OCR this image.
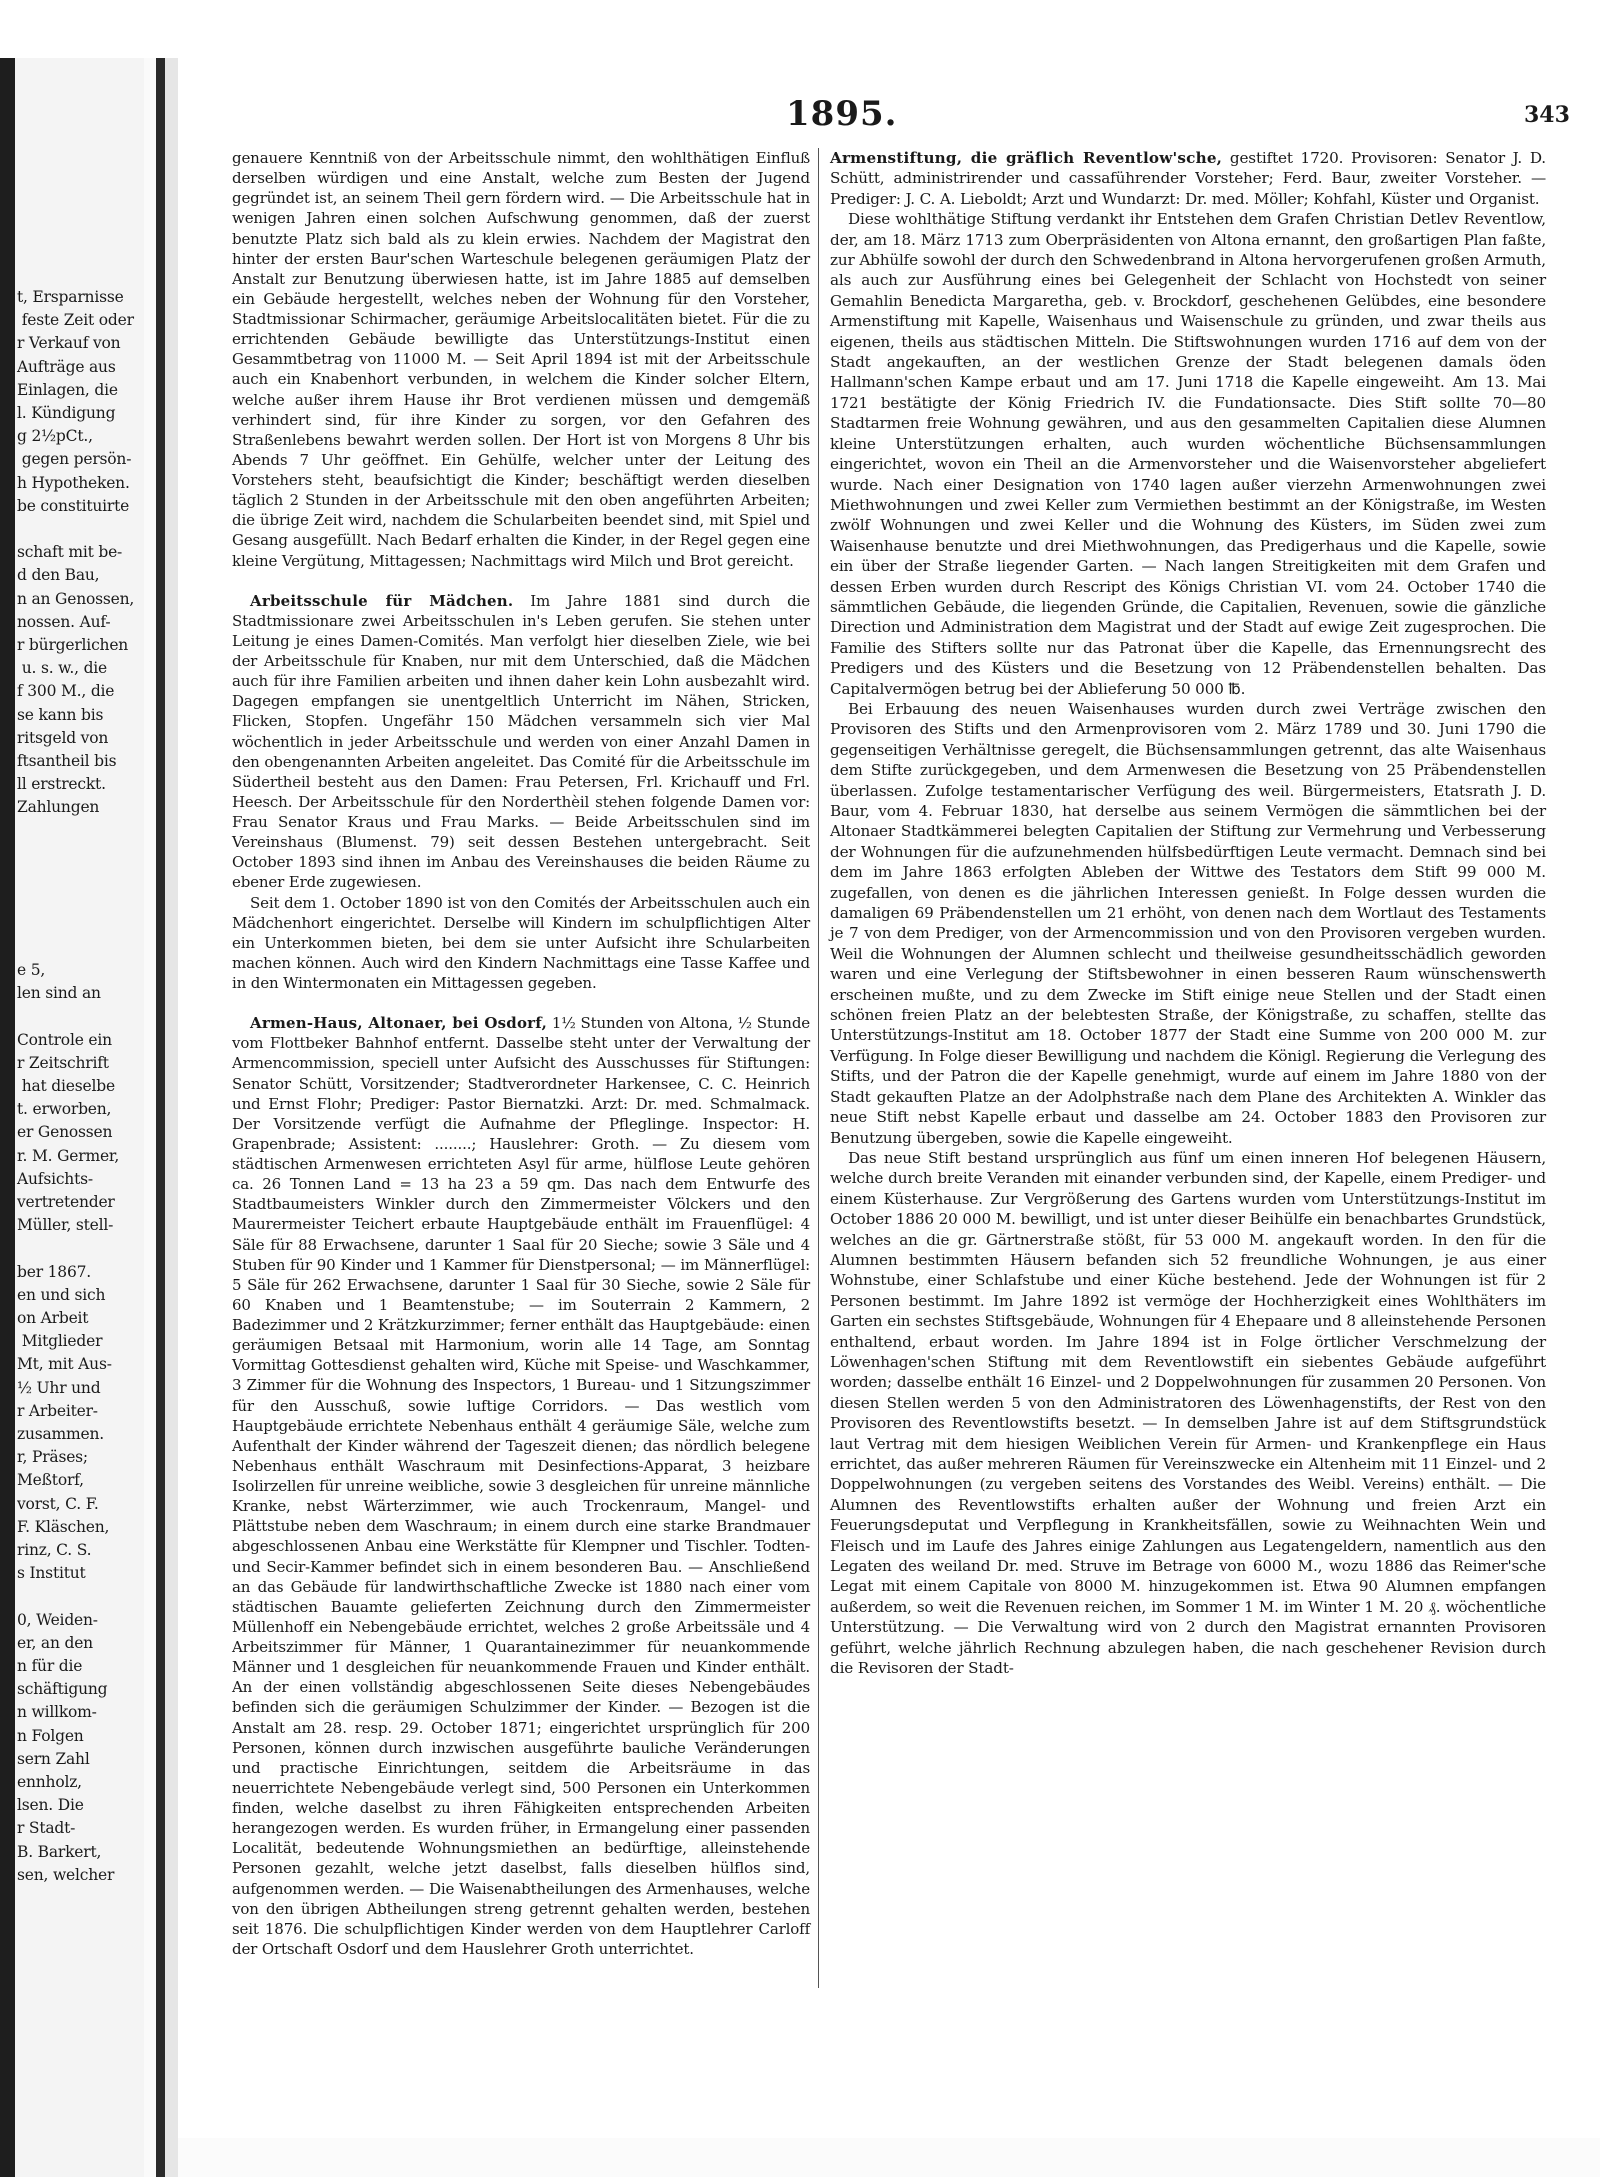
t, Ersparnisse
feste Zeit oder
r Verkauf von
Aufträge aus
Einlagen, die
l. Kündigung
g 2½pCt.,
gegen persön-
h Hypotheken.
be constituirte

schaft mit be-
d den Bau,
n an Genossen,
nossen. Auf-
r bürgerlichen
u. s. w., die
f 300 M., die
se kann bis
ritsgeld von
ftsantheil bis
ll erstreckt.
Zahlungen

e 5,
len sind an

Controle ein
r Zeitschrift
hat dieselbe
t. erworben,
er Genossen
r. M. Germer,
Aufsichts-
vertretender
Müller, stell-

ber 1867.
en und sich
on Arbeit
Mitglieder
Mt, mit Aus-
½ Uhr und
r Arbeiter-
zusammen.
r, Präses;
Meßtorf,
vorst, C. F.
F. Kläschen,
rinz, C. S.
s Institut

0, Weiden-
er, an den
n für die
schäftigung
n willkom-
n Folgen
sern Zahl
ennholz,
lsen. Die
r Stadt-
B. Barkert,
sen, welcher
1895.	343

genauere Kenntniß von der Arbeitsschule nimmt, den wohlthätigen Einfluß derselben würdigen und eine Anstalt, welche zum Besten der Jugend gegründet ist, an seinem Theil gern fördern wird. — Die Arbeitsschule hat in wenigen Jahren einen solchen Aufschwung genommen, daß der zuerst benutzte Platz sich bald als zu klein erwies. Nachdem der Magistrat den hinter der ersten Baur'schen Warteschule belegenen geräumigen Platz der Anstalt zur Benutzung überwiesen hatte, ist im Jahre 1885 auf demselben ein Gebäude hergestellt, welches neben der Wohnung für den Vorsteher, Stadtmissionar Schirmacher, geräumige Arbeitslocalitäten bietet. Für die zu errichtenden Gebäude bewilligte das Unterstützungs-Institut einen Gesammtbetrag von 11000 M. — Seit April 1894 ist mit der Arbeitsschule auch ein Knabenhort verbunden, in welchem die Kinder solcher Eltern, welche außer ihrem Hause ihr Brot verdienen müssen und demgemäß verhindert sind, für ihre Kinder zu sorgen, vor den Gefahren des Straßenlebens bewahrt werden sollen. Der Hort ist von Morgens 8 Uhr bis Abends 7 Uhr geöffnet. Ein Gehülfe, welcher unter der Leitung des Vorstehers steht, beaufsichtigt die Kinder; beschäftigt werden dieselben täglich 2 Stunden in der Arbeitsschule mit den oben angeführten Arbeiten; die übrige Zeit wird, nachdem die Schularbeiten beendet sind, mit Spiel und Gesang ausgefüllt. Nach Bedarf erhalten die Kinder, in der Regel gegen eine kleine Vergütung, Mittagessen; Nachmittags wird Milch und Brot gereicht.

Arbeitsschule für Mädchen. Im Jahre 1881 sind durch die Stadtmissionare zwei Arbeitsschulen in's Leben gerufen. Sie stehen unter Leitung je eines Damen-Comités. Man verfolgt hier dieselben Ziele, wie bei der Arbeitsschule für Knaben, nur mit dem Unterschied, daß die Mädchen auch für ihre Familien arbeiten und ihnen daher kein Lohn ausbezahlt wird. Dagegen empfangen sie unentgeltlich Unterricht im Nähen, Stricken, Flicken, Stopfen. Ungefähr 150 Mädchen versammeln sich vier Mal wöchentlich in jeder Arbeitsschule und werden von einer Anzahl Damen in den obengenannten Arbeiten angeleitet. Das Comité für die Arbeitsschule im Südertheil besteht aus den Damen: Frau Petersen, Frl. Krichauff und Frl. Heesch. Der Arbeitsschule für den Norderthèil stehen folgende Damen vor: Frau Senator Kraus und Frau Marks. — Beide Arbeitsschulen sind im Vereinshaus (Blumenst. 79) seit dessen Bestehen untergebracht. Seit October 1893 sind ihnen im Anbau des Vereinshauses die beiden Räume zu ebener Erde zugewiesen.

Seit dem 1. October 1890 ist von den Comités der Arbeitsschulen auch ein Mädchenhort eingerichtet. Derselbe will Kindern im schulpflichtigen Alter ein Unterkommen bieten, bei dem sie unter Aufsicht ihre Schularbeiten machen können. Auch wird den Kindern Nachmittags eine Tasse Kaffee und in den Wintermonaten ein Mittagessen gegeben.

Armen-Haus, Altonaer, bei Osdorf, 1½ Stunden von Altona, ½ Stunde vom Flottbeker Bahnhof entfernt. Dasselbe steht unter der Verwaltung der Armencommission, speciell unter Aufsicht des Ausschusses für Stiftungen: Senator Schütt, Vorsitzender; Stadtverordneter Harkensee, C. C. Heinrich und Ernst Flohr; Prediger: Pastor Biernatzki. Arzt: Dr. med. Schmalmack. Der Vorsitzende verfügt die Aufnahme der Pfleglinge. Inspector: H. Grapenbrade; Assistent: ........; Hauslehrer: Groth. — Zu diesem vom städtischen Armenwesen errichteten Asyl für arme, hülflose Leute gehören ca. 26 Tonnen Land = 13 ha 23 a 59 qm. Das nach dem Entwurfe des Stadtbaumeisters Winkler durch den Zimmermeister Völckers und den Maurermeister Teichert erbaute Hauptgebäude enthält im Frauenflügel: 4 Säle für 88 Erwachsene, darunter 1 Saal für 20 Sieche; sowie 3 Säle und 4 Stuben für 90 Kinder und 1 Kammer für Dienstpersonal; — im Männerflügel: 5 Säle für 262 Erwachsene, darunter 1 Saal für 30 Sieche, sowie 2 Säle für 60 Knaben und 1 Beamtenstube; — im Souterrain 2 Kammern, 2 Badezimmer und 2 Krätzkurzimmer; ferner enthält das Hauptgebäude: einen geräumigen Betsaal mit Harmonium, worin alle 14 Tage, am Sonntag Vormittag Gottesdienst gehalten wird, Küche mit Speise- und Waschkammer, 3 Zimmer für die Wohnung des Inspectors, 1 Bureau- und 1 Sitzungszimmer für den Ausschuß, sowie luftige Corridors. — Das westlich vom Hauptgebäude errichtete Nebenhaus enthält 4 geräumige Säle, welche zum Aufenthalt der Kinder während der Tageszeit dienen; das nördlich belegene Nebenhaus enthält Waschraum mit Desinfections-Apparat, 3 heizbare Isolirzellen für unreine weibliche, sowie 3 desgleichen für unreine männliche Kranke, nebst Wärterzimmer, wie auch Trockenraum, Mangel- und Plättstube neben dem Waschraum; in einem durch eine starke Brandmauer abgeschlossenen Anbau eine Werkstätte für Klempner und Tischler. Todten- und Secir-Kammer befindet sich in einem besonderen Bau. — Anschließend an das Gebäude für landwirthschaftliche Zwecke ist 1880 nach einer vom städtischen Bauamte gelieferten Zeichnung durch den Zimmermeister Müllenhoff ein Nebengebäude errichtet, welches 2 große Arbeitssäle und 4 Arbeitszimmer für Männer, 1 Quarantainezimmer für neuankommende Männer und 1 desgleichen für neuankommende Frauen und Kinder enthält. An der einen vollständig abgeschlossenen Seite dieses Nebengebäudes befinden sich die geräumigen Schulzimmer der Kinder. — Bezogen ist die Anstalt am 28. resp. 29. October 1871; eingerichtet ursprünglich für 200 Personen, können durch inzwischen ausgeführte bauliche Veränderungen und practische Einrichtungen, seitdem die Arbeitsräume in das neuerrichtete Nebengebäude verlegt sind, 500 Personen ein Unterkommen finden, welche daselbst zu ihren Fähigkeiten entsprechenden Arbeiten herangezogen werden. Es wurden früher, in Ermangelung einer passenden Localität, bedeutende Wohnungsmiethen an bedürftige, alleinstehende Personen gezahlt, welche jetzt daselbst, falls dieselben hülflos sind, aufgenommen werden. — Die Waisenabtheilungen des Armenhauses, welche von den übrigen Abtheilungen streng getrennt gehalten werden, bestehen seit 1876. Die schulpflichtigen Kinder werden von dem Hauptlehrer Carloff der Ortschaft Osdorf und dem Hauslehrer Groth unterrichtet.

Armenstiftung, die gräflich Reventlow'sche, gestiftet 1720. Provisoren: Senator J. D. Schütt, administrirender und cassaführender Vorsteher; Ferd. Baur, zweiter Vorsteher. — Prediger: J. C. A. Lieboldt; Arzt und Wundarzt: Dr. med. Möller; Kohfahl, Küster und Organist.

Diese wohlthätige Stiftung verdankt ihr Entstehen dem Grafen Christian Detlev Reventlow, der, am 18. März 1713 zum Oberpräsidenten von Altona ernannt, den großartigen Plan faßte, zur Abhülfe sowohl der durch den Schwedenbrand in Altona hervorgerufenen großen Armuth, als auch zur Ausführung eines bei Gelegenheit der Schlacht von Hochstedt von seiner Gemahlin Benedicta Margaretha, geb. v. Brockdorf, geschehenen Gelübdes, eine besondere Armenstiftung mit Kapelle, Waisenhaus und Waisenschule zu gründen, und zwar theils aus eigenen, theils aus städtischen Mitteln. Die Stiftswohnungen wurden 1716 auf dem von der Stadt angekauften, an der westlichen Grenze der Stadt belegenen damals öden Hallmann'schen Kampe erbaut und am 17. Juni 1718 die Kapelle eingeweiht. Am 13. Mai 1721 bestätigte der König Friedrich IV. die Fundationsacte. Dies Stift sollte 70—80 Stadtarmen freie Wohnung gewähren, und aus den gesammelten Capitalien diese Alumnen kleine Unterstützungen erhalten, auch wurden wöchentliche Büchsensammlungen eingerichtet, wovon ein Theil an die Armenvorsteher und die Waisenvorsteher abgeliefert wurde. Nach einer Designation von 1740 lagen außer vierzehn Armenwohnungen zwei Miethwohnungen und zwei Keller zum Vermiethen bestimmt an der Königstraße, im Westen zwölf Wohnungen und zwei Keller und die Wohnung des Küsters, im Süden zwei zum Waisenhause benutzte und drei Miethwohnungen, das Predigerhaus und die Kapelle, sowie ein über der Straße liegender Garten. — Nach langen Streitigkeiten mit dem Grafen und dessen Erben wurden durch Rescript des Königs Christian VI. vom 24. October 1740 die sämmtlichen Gebäude, die liegenden Gründe, die Capitalien, Revenuen, sowie die gänzliche Direction und Administration dem Magistrat und der Stadt auf ewige Zeit zugesprochen. Die Familie des Stifters sollte nur das Patronat über die Kapelle, das Ernennungsrecht des Predigers und des Küsters und die Besetzung von 12 Präbendenstellen behalten. Das Capitalvermögen betrug bei der Ablieferung 50 000 ℔.

Bei Erbauung des neuen Waisenhauses wurden durch zwei Verträge zwischen den Provisoren des Stifts und den Armenprovisoren vom 2. März 1789 und 30. Juni 1790 die gegenseitigen Verhältnisse geregelt, die Büchsensammlungen getrennt, das alte Waisenhaus dem Stifte zurückgegeben, und dem Armenwesen die Besetzung von 25 Präbendenstellen überlassen. Zufolge testamentarischer Verfügung des weil. Bürgermeisters, Etatsrath J. D. Baur, vom 4. Februar 1830, hat derselbe aus seinem Vermögen die sämmtlichen bei der Altonaer Stadtkämmerei belegten Capitalien der Stiftung zur Vermehrung und Verbesserung der Wohnungen für die aufzunehmenden hülfsbedürftigen Leute vermacht. Demnach sind bei dem im Jahre 1863 erfolgten Ableben der Wittwe des Testators dem Stift 99 000 M. zugefallen, von denen es die jährlichen Interessen genießt. In Folge dessen wurden die damaligen 69 Präbendenstellen um 21 erhöht, von denen nach dem Wortlaut des Testaments je 7 von dem Prediger, von der Armencommission und von den Provisoren vergeben wurden. Weil die Wohnungen der Alumnen schlecht und theilweise gesundheitsschädlich geworden waren und eine Verlegung der Stiftsbewohner in einen besseren Raum wünschenswerth erscheinen mußte, und zu dem Zwecke im Stift einige neue Stellen und der Stadt einen schönen freien Platz an der belebtesten Straße, der Königstraße, zu schaffen, stellte das Unterstützungs-Institut am 18. October 1877 der Stadt eine Summe von 200 000 M. zur Verfügung. In Folge dieser Bewilligung und nachdem die Königl. Regierung die Verlegung des Stifts, und der Patron die der Kapelle genehmigt, wurde auf einem im Jahre 1880 von der Stadt gekauften Platze an der Adolphstraße nach dem Plane des Architekten A. Winkler das neue Stift nebst Kapelle erbaut und dasselbe am 24. October 1883 den Provisoren zur Benutzung übergeben, sowie die Kapelle eingeweiht.

Das neue Stift bestand ursprünglich aus fünf um einen inneren Hof belegenen Häusern, welche durch breite Veranden mit einander verbunden sind, der Kapelle, einem Prediger- und einem Küsterhause. Zur Vergrößerung des Gartens wurden vom Unterstützungs-Institut im October 1886 20 000 M. bewilligt, und ist unter dieser Beihülfe ein benachbartes Grundstück, welches an die gr. Gärtnerstraße stößt, für 53 000 M. angekauft worden. In den für die Alumnen bestimmten Häusern befanden sich 52 freundliche Wohnungen, je aus einer Wohnstube, einer Schlafstube und einer Küche bestehend. Jede der Wohnungen ist für 2 Personen bestimmt. Im Jahre 1892 ist vermöge der Hochherzigkeit eines Wohlthäters im Garten ein sechstes Stiftsgebäude, Wohnungen für 4 Ehepaare und 8 alleinstehende Personen enthaltend, erbaut worden. Im Jahre 1894 ist in Folge örtlicher Verschmelzung der Löwenhagen'schen Stiftung mit dem Reventlowstift ein siebentes Gebäude aufgeführt worden; dasselbe enthält 16 Einzel- und 2 Doppelwohnungen für zusammen 20 Personen. Von diesen Stellen werden 5 von den Administratoren des Löwenhagenstifts, der Rest von den Provisoren des Reventlowstifts besetzt. — In demselben Jahre ist auf dem Stiftsgrundstück laut Vertrag mit dem hiesigen Weiblichen Verein für Armen- und Krankenpflege ein Haus errichtet, das außer mehreren Räumen für Vereinszwecke ein Altenheim mit 11 Einzel- und 2 Doppelwohnungen (zu vergeben seitens des Vorstandes des Weibl. Vereins) enthält. — Die Alumnen des Reventlowstifts erhalten außer der Wohnung und freien Arzt ein Feuerungsdeputat und Verpflegung in Krankheitsfällen, sowie zu Weihnachten Wein und Fleisch und im Laufe des Jahres einige Zahlungen aus Legatengeldern, namentlich aus den Legaten des weiland Dr. med. Struve im Betrage von 6000 M., wozu 1886 das Reimer'sche Legat mit einem Capitale von 8000 M. hinzugekommen ist. Etwa 90 Alumnen empfangen außerdem, so weit die Revenuen reichen, im Sommer 1 M. im Winter 1 M. 20 ₰. wöchentliche Unterstützung. — Die Verwaltung wird von 2 durch den Magistrat ernannten Provisoren geführt, welche jährlich Rechnung abzulegen haben, die nach geschehener Revision durch die Revisoren der Stadt-
